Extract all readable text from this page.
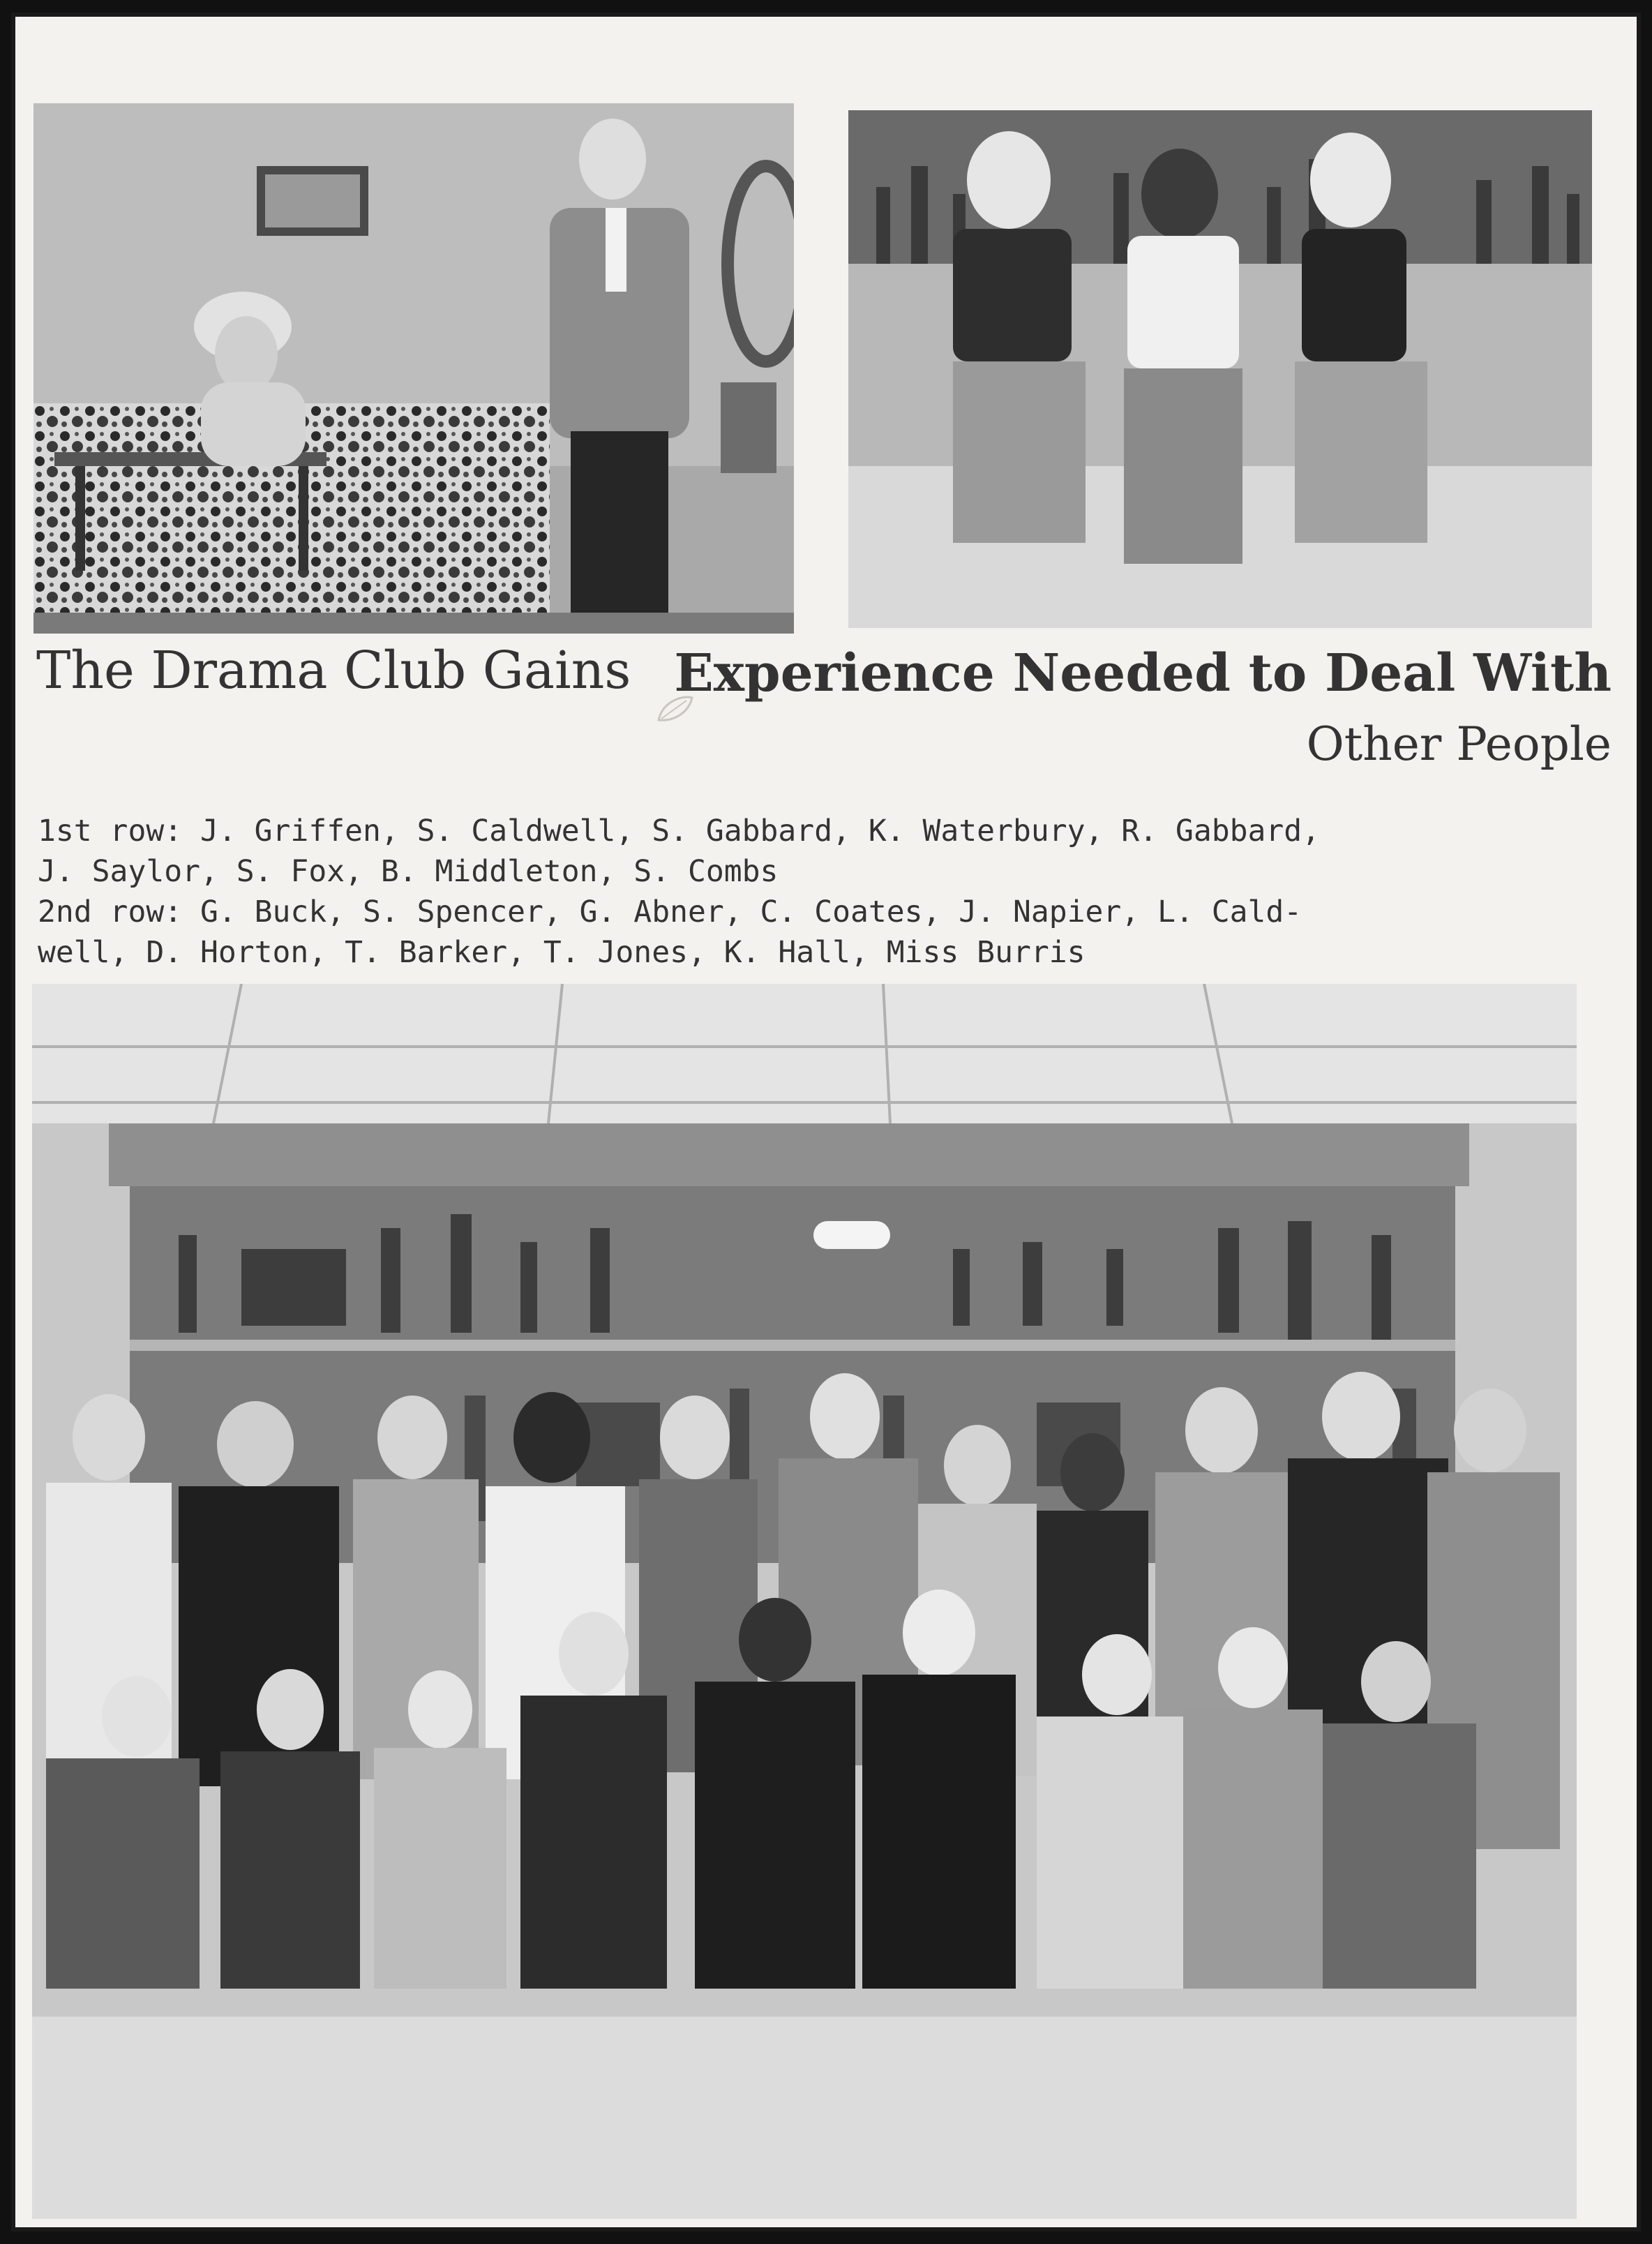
The Drama Club Gains Experience Needed to Deal With
Other People
1st row: J. Griffen, S. Caldwell, S. Gabbard, K. Waterbury, R. Gabbard,
J. Saylor, S. Fox, B. Middleton, S. Combs
2nd row: G. Buck, S. Spencer, G. Abner, C. Coates, J. Napier, L. Cald-
well, D. Horton, T. Barker, T. Jones, K. Hall, Miss Burris
